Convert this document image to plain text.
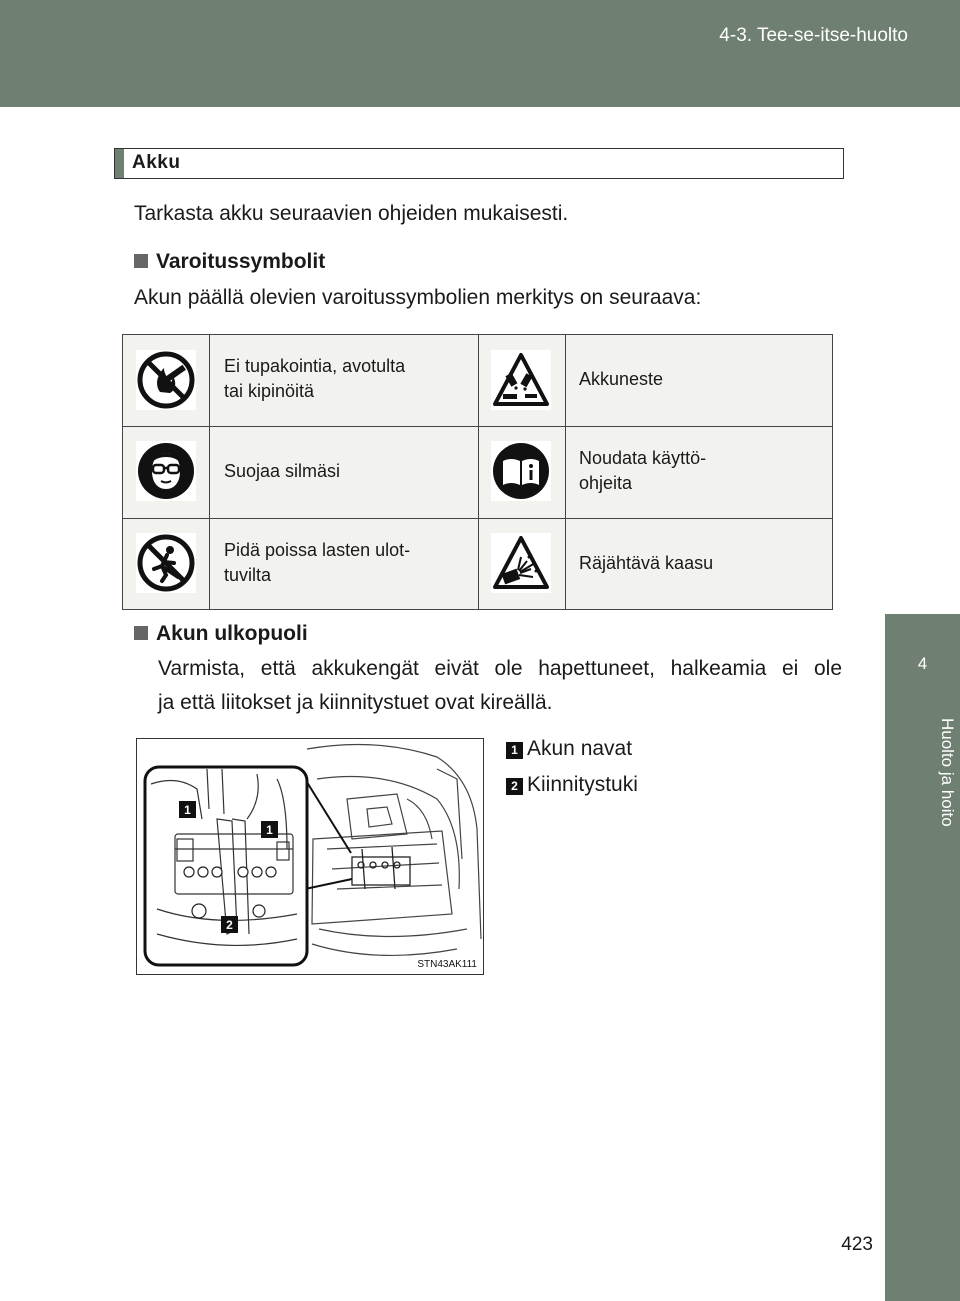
4-3. Tee-se-itse-huolto
4
Huolto ja hoito
Akku
Tarkasta akku seuraavien ohjeiden mukaisesti.
Varoitussymbolit
Akun päällä olevien varoitussymbolien merkitys on seuraava:
Ei tupakointia, avotulta
tai kipinöitä
Akkuneste
Suojaa silmäsi
Noudata käyttö-
ohjeita
Pidä poissa lasten ulot-
tuvilta
Räjähtävä kaasu
Akun ulkopuoli
Varmista, että akkukengät eivät ole hapettuneet, halkeamia ei ole
ja että liitokset ja kiinnitystuet ovat kireällä.
1
1
2
STN43AK111
1 Akun navat
2 Kiinnitystuki
423
